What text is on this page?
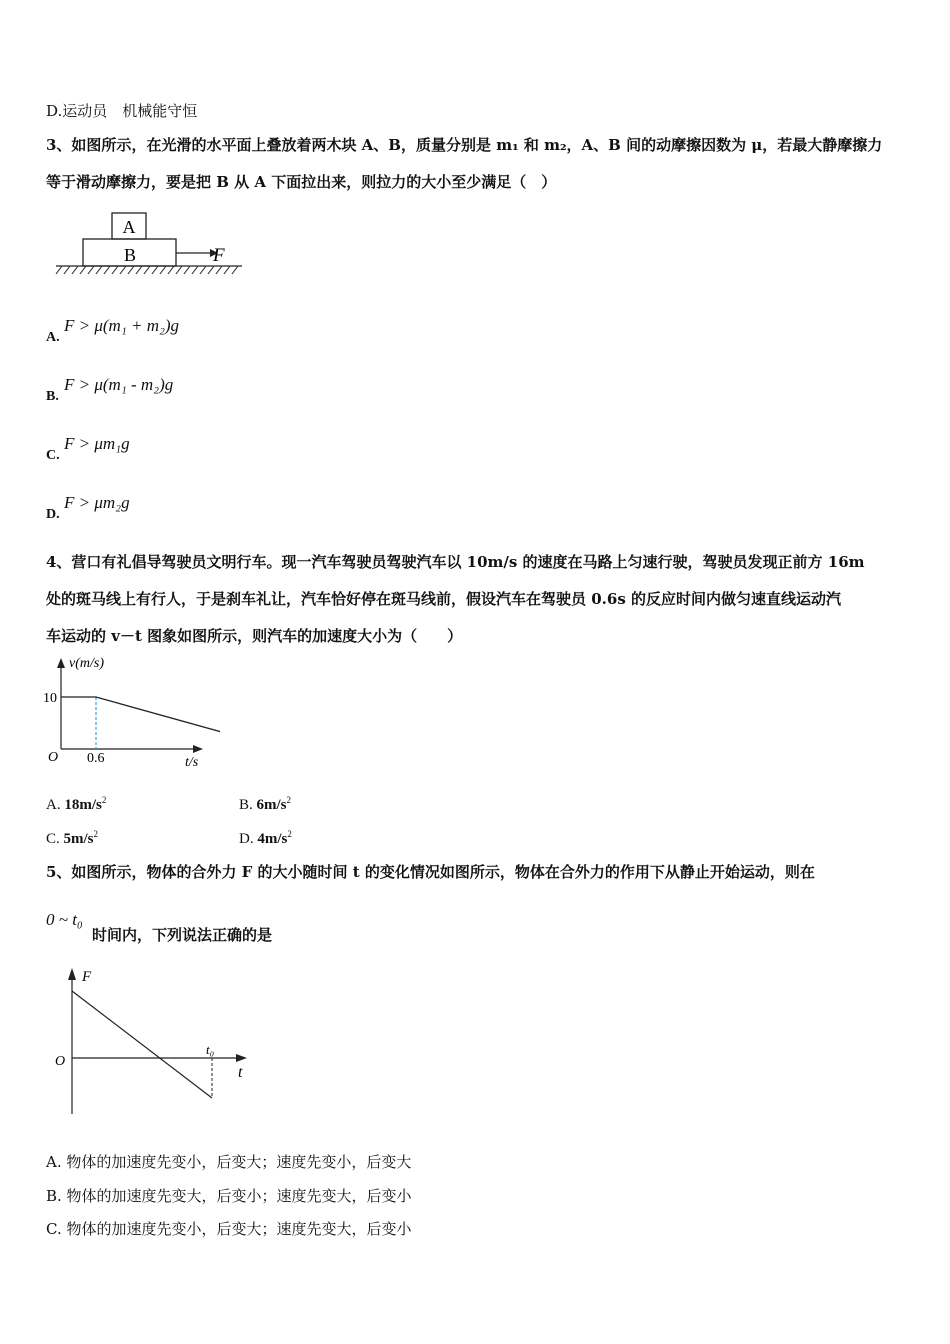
D.运动员　机械能守恒
3、如图所示，在光滑的水平面上叠放着两木块 A、B，质量分别是 m₁ 和 m₂，A、B 间的动摩擦因数为 μ，若最大静摩擦力
等于滑动摩擦力，要是把 B 从 A 下面拉出来，则拉力的大小至少满足（　）
A
B	F
A.
F > μ(m₁ + m₂)g
B.
F > μ(m₁ - m₂)g
C.
F > μm₁g
D.
F > μm₂g
4、营口有礼倡导驾驶员文明行车。现一汽车驾驶员驾驶汽车以 10m/s 的速度在马路上匀速行驶，驾驶员发现正前方 16m
处的斑马线上有行人，于是刹车礼让，汽车恰好停在斑马线前，假设汽车在驾驶员 0.6s 的反应时间内做匀速直线运动汽
车运动的 v－t 图象如图所示，则汽车的加速度大小为（　　）
v(m/s)
10
O 0.6	t/s
A. $18m/s^2$	B. $6m/s^2$
C. $5m/s^2$	D. $4m/s^2$
5、如图所示，物体的合外力 F 的大小随时间 t 的变化情况如图所示，物体在合外力的作用下从静止开始运动，则在
0 ~ t₀
时间内，下列说法正确的是
F
O
t₀
t
A. 物体的加速度先变小，后变大；速度先变小，后变大
B. 物体的加速度先变大，后变小；速度先变大，后变小
C. 物体的加速度先变小，后变大；速度先变大，后变小
